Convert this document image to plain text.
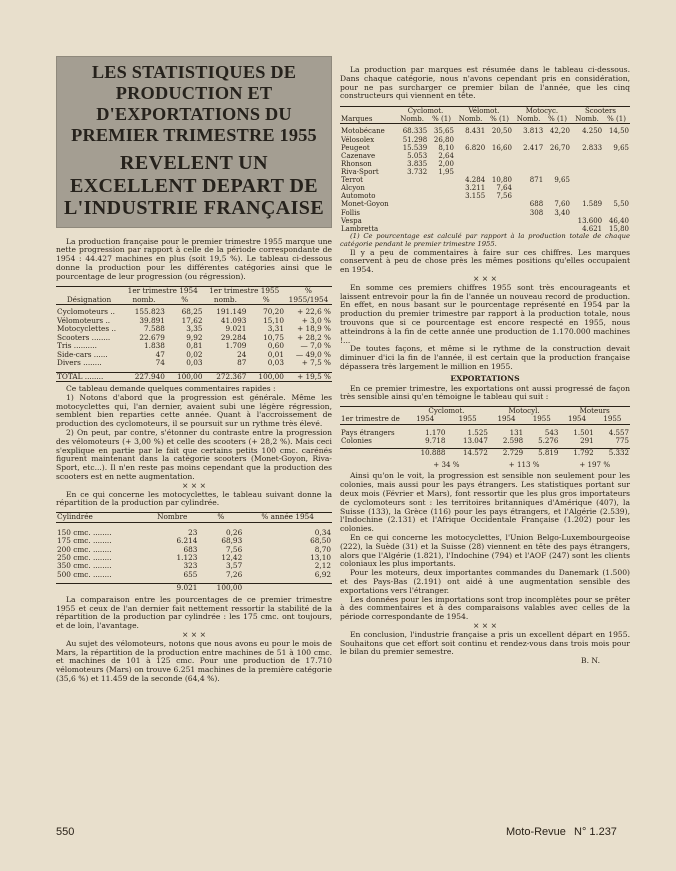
LES STATISTIQUES DE PRODUCTION ET D'EXPORTATIONS DU PREMIER TRIMESTRE 1955
REVELENT UN EXCELLENT DEPART DE L'INDUSTRIE FRANÇAISE

La production française pour le premier trimestre 1955 marque une nette progression par rapport à celle de la période correspondante de 1954 : 44.427 machines en plus (soit 19,5 %). Le tableau ci-dessous donne la production pour les différentes catégories ainsi que le pourcentage de leur progression (ou régression).

	1er trimestre 1954		1er trimestre 1955		%
Désignation	nomb.	%	nomb.	%	1955/1954

Cyclomoteurs ..	155.823	68,25	191.149	70,20	+ 22,6 %
Vélomoteurs ..	39.891	17,62	41.093	15,10	+ 3,0 %
Motocyclettes ..	7.588	3,35	9.021	3,31	+ 18,9 %
Scooters ........	22.679	9,92	29.284	10,75	+ 28,2 %
Tris ..........	1.838	0,81	1.709	0,60	— 7,0 %
Side-cars ......	47	0,02	24	0,01	— 49,0 %
Divers ........	74	0,03	87	0,03	+ 7,5 %

TOTAL ........	227.940	100,00	272.367	100,00	+ 19,5 %

Ce tableau demande quelques commentaires rapides :

1) Notons d'abord que la progression est générale. Même les motocyclettes qui, l'an dernier, avaient subi une légère régression, semblent bien reparties cette année. Quant à l'accroissement de production des cyclomoteurs, il se poursuit sur un rythme très élevé.

2) On peut, par contre, s'étonner du contraste entre la progression des vélomoteurs (+ 3,00 %) et celle des scooters (+ 28,2 %). Mais ceci s'explique en partie par le fait que certains petits 100 cmc. carénés figurent maintenant dans la catégorie scooters (Monet-Goyon, Riva-Sport, etc...). Il n'en reste pas moins cependant que la production des scooters est en nette augmentation.

× × ×

En ce qui concerne les motocyclettes, le tableau suivant donne la répartition de la production par cylindrée.

Cylindrée	Nombre	%	% année 1954

150 cmc. ........	23	0,26	0,34
175 cmc. ........	6.214	68,93	68,50
200 cmc. ........	683	7,56	8,70
250 cmc. ........	1.123	12,42	13,10
350 cmc. ........	323	3,57	2,12
500 cmc. ........	655	7,26	6,92

	9.021	100,00	

La comparaison entre les pourcentages de ce premier trimestre 1955 et ceux de l'an dernier fait nettement ressortir la stabilité de la répartition de la production par cylindrée : les 175 cmc. ont toujours, et de loin, l'avantage.

× × ×

Au sujet des vélomoteurs, notons que nous avons eu pour le mois de Mars, la répartition de la production entre machines de 51 à 100 cmc. et machines de 101 à 125 cmc. Pour une production de 17.710 vélomoteurs (Mars) on trouve 6.251 machines de la première catégorie (35,6 %) et 11.459 de la seconde (64,4 %).

La production par marques est résumée dans le tableau ci-dessous. Dans chaque catégorie, nous n'avons cependant pris en considération, pour ne pas surcharger ce premier bilan de l'année, que les cinq constructeurs qui viennent en tête.

	Cyclomot.		Vélomot.		Motocyc.		Scooters	
Marques	Nomb.	% (1)	Nomb.	% (1)	Nomb.	% (1)	Nomb.	% (1)

Motobécane	68.335	35,65	8.431	20,50	3.813	42,20	4.250	14,50
Vélosolex	51.298	26,80						
Peugeot	15.539	8,10	6.820	16,60	2.417	26,70	2.833	9,65
Cazenave	5.053	2,64						
Rhonson	3.835	2,00						
Riva-Sport	3.732	1,95						
Terrot			4.284	10,80	871	9,65		
Alcyon			3.211	7,64				
Automoto			3.155	7,56				
Monet-Goyon					688	7,60	1.589	5,50
Follis					308	3,40		
Vespa							13.600	46,40
Lambretta							4.621	15,80

(1) Ce pourcentage est calculé par rapport à la production totale de chaque catégorie pendant le premier trimestre 1955.

Il y a peu de commentaires à faire sur ces chiffres. Les marques conservent à peu de chose près les mêmes positions qu'elles occupaient en 1954.

× × ×

En somme ces premiers chiffres 1955 sont très encourageants et laissent entrevoir pour la fin de l'année un nouveau record de production. En effet, en nous basant sur le pourcentage représenté en 1954 par la production du premier trimestre par rapport à la production totale, nous trouvons que si ce pourcentage est encore respecté en 1955, nous atteindrons à la fin de cette année une production de 1.170.000 machines !...

De toutes façons, et même si le rythme de la construction devait diminuer d'ici la fin de l'année, il est certain que la production française dépassera très largement le million en 1955.

EXPORTATIONS

En ce premier trimestre, les exportations ont aussi progressé de façon très sensible ainsi qu'en témoigne le tableau qui suit :

	Cyclomot.		Motocyl.		Moteurs	
1er trimestre de	1954	1955	1954	1955	1954	1955

Pays étrangers	1.170	1.525	131	543	1.501	4.557
Colonies	9.718	13.047	2.598	5.276	291	775

	10.888	14.572	2.729	5.819	1.792	5.332

	+ 34 %		+ 113 %		+ 197 %	

Ainsi qu'on le voit, la progression est sensible non seulement pour les colonies, mais aussi pour les pays étrangers. Les statistiques portant sur deux mois (Février et Mars), font ressortir que les plus gros importateurs de cyclomoteurs sont : les territoires britanniques d'Amérique (407), la Suisse (133), la Grèce (116) pour les pays étrangers, et l'Algérie (2.539), l'Indochine (2.131) et l'Afrique Occidentale Française (1.202) pour les colonies.

En ce qui concerne les motocyclettes, l'Union Belgo-Luxembourgeoise (222), la Suède (31) et la Suisse (28) viennent en tête des pays étrangers, alors que l'Algérie (1.821), l'Indochine (794) et l'AOF (247) sont les clients coloniaux les plus importants.

Pour les moteurs, deux importantes commandes du Danemark (1.500) et des Pays-Bas (2.191) ont aidé à une augmentation sensible des exportations vers l'étranger.

Les données pour les importations sont trop incomplètes pour se prêter à des commentaires et à des comparaisons valables avec celles de la période correspondante de 1954.

× × ×

En conclusion, l'industrie française a pris un excellent départ en 1955. Souhaitons que cet effort soit continu et rendez-vous dans trois mois pour le bilan du premier semestre.

B. N.

550	Moto-Revue N° 1.237
